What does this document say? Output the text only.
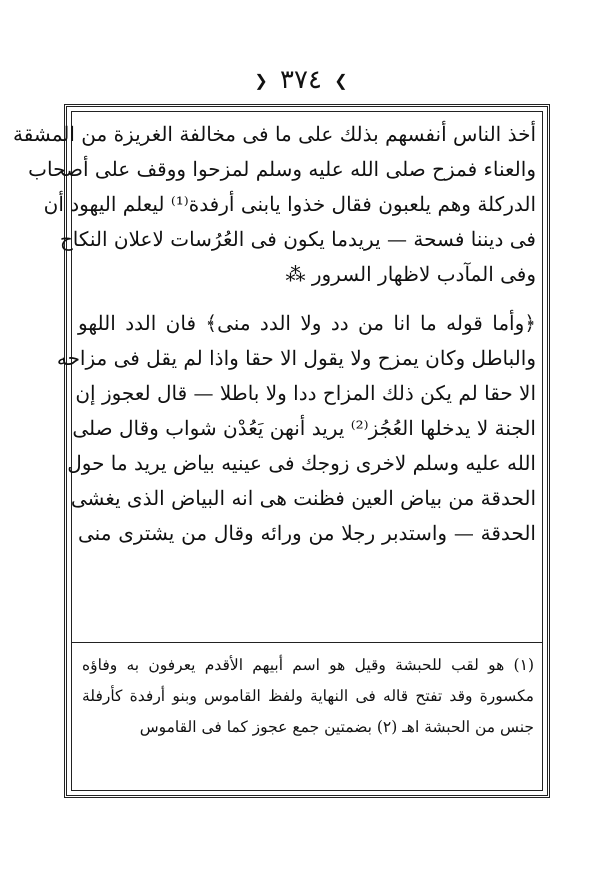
❯ ٣٧٤ ❮
أخذ الناس أنفسهم بذلك على ما فى مخالفة الغريزة من المشقة
والعناء فمزح صلى الله عليه وسلم لمزحوا ووقف على أصحاب
الدركلة وهم يلعبون فقال خذوا يابنى أرفدة⁽¹⁾ ليعلم اليهود أن
فى ديننا فسحة — يريدما يكون فى العُرُسات لاعلان النكاح
وفى المآدب لاظهار السرور ⁂
﴿وأما قوله ما انا من دد ولا الدد منى﴾ فان الدد اللهو
والباطل وكان يمزح ولا يقول الا حقا واذا لم يقل فى مزاحه
الا حقا لم يكن ذلك المزاح ددا ولا باطلا — قال لعجوز إن
الجنة لا يدخلها العُجُز⁽²⁾ يريد أنهن يَعُدْن شواب وقال صلى
الله عليه وسلم لاخرى زوجك فى عينيه بياض يريد ما حول
الحدقة من بياض العين فظنت هى انه البياض الذى يغشى
الحدقة — واستدبر رجلا من ورائه وقال من يشترى منى
(١) هو لقب للحبشة وقيل هو اسم أبيهم الأقدم يعرفون به وفاؤه
مكسورة وقد تفتح قاله فى النهاية ولفظ القاموس وبنو أرفدة كأرفلة
جنس من الحبشة اهـ (٢) بضمتين جمع عجوز كما فى القاموس
